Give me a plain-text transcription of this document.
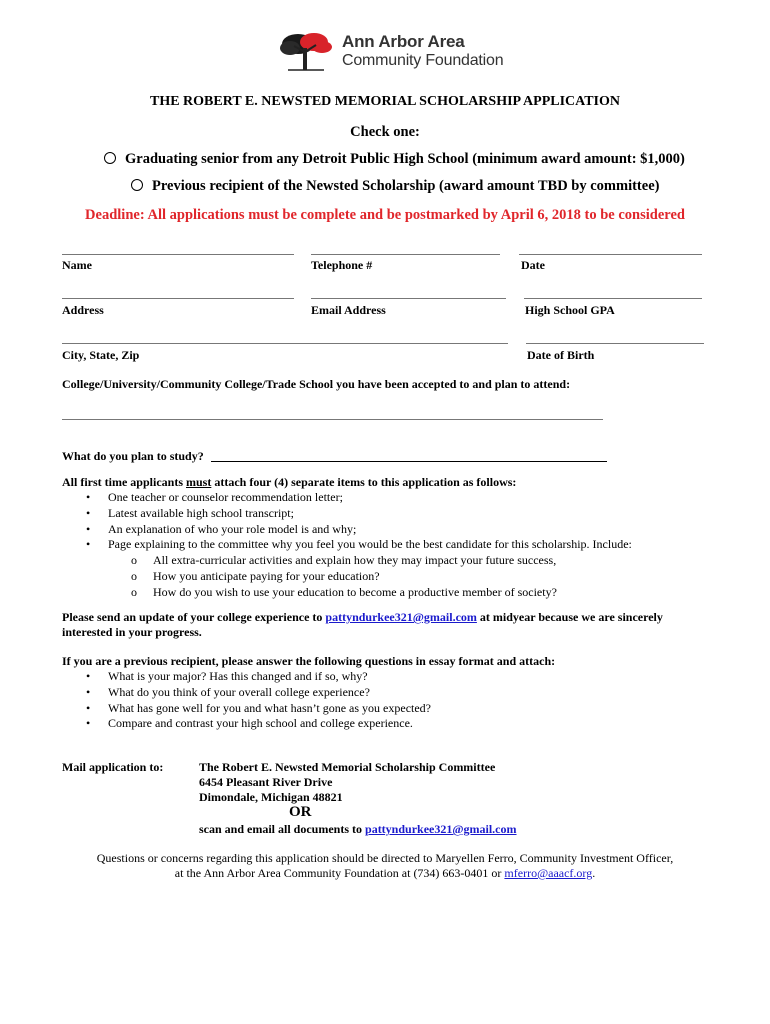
Ann Arbor Area
Community Foundation
THE ROBERT E. NEWSTED MEMORIAL SCHOLARSHIP APPLICATION
Check one:
Graduating senior from any Detroit Public High School (minimum award amount: $1,000)
Previous recipient of the Newsted Scholarship (award amount TBD by committee)
Deadline: All applications must be complete and be postmarked by April 6, 2018 to be considered
Name	Telephone #	Date
Address	Email Address	High School GPA
City, State, Zip	Date of Birth
College/University/Community College/Trade School you have been accepted to and plan to attend:
What do you plan to study?
All first time applicants must attach four (4) separate items to this application as follows:
• One teacher or counselor recommendation letter;
• Latest available high school transcript;
• An explanation of who your role model is and why;
• Page explaining to the committee why you feel you would be the best candidate for this scholarship. Include:
o All extra-curricular activities and explain how they may impact your future success,
o How you anticipate paying for your education?
o How do you wish to use your education to become a productive member of society?
Please send an update of your college experience to pattyndurkee321@gmail.com at midyear because we are sincerely
interested in your progress.
If you are a previous recipient, please answer the following questions in essay format and attach:
• What is your major? Has this changed and if so, why?
• What do you think of your overall college experience?
• What has gone well for you and what hasn’t gone as you expected?
• Compare and contrast your high school and college experience.
Mail application to:	The Robert E. Newsted Memorial Scholarship Committee
6454 Pleasant River Drive
Dimondale, Michigan 48821
OR
scan and email all documents to pattyndurkee321@gmail.com
Questions or concerns regarding this application should be directed to Maryellen Ferro, Community Investment Officer,
at the Ann Arbor Area Community Foundation at (734) 663-0401 or mferro@aaacf.org.
